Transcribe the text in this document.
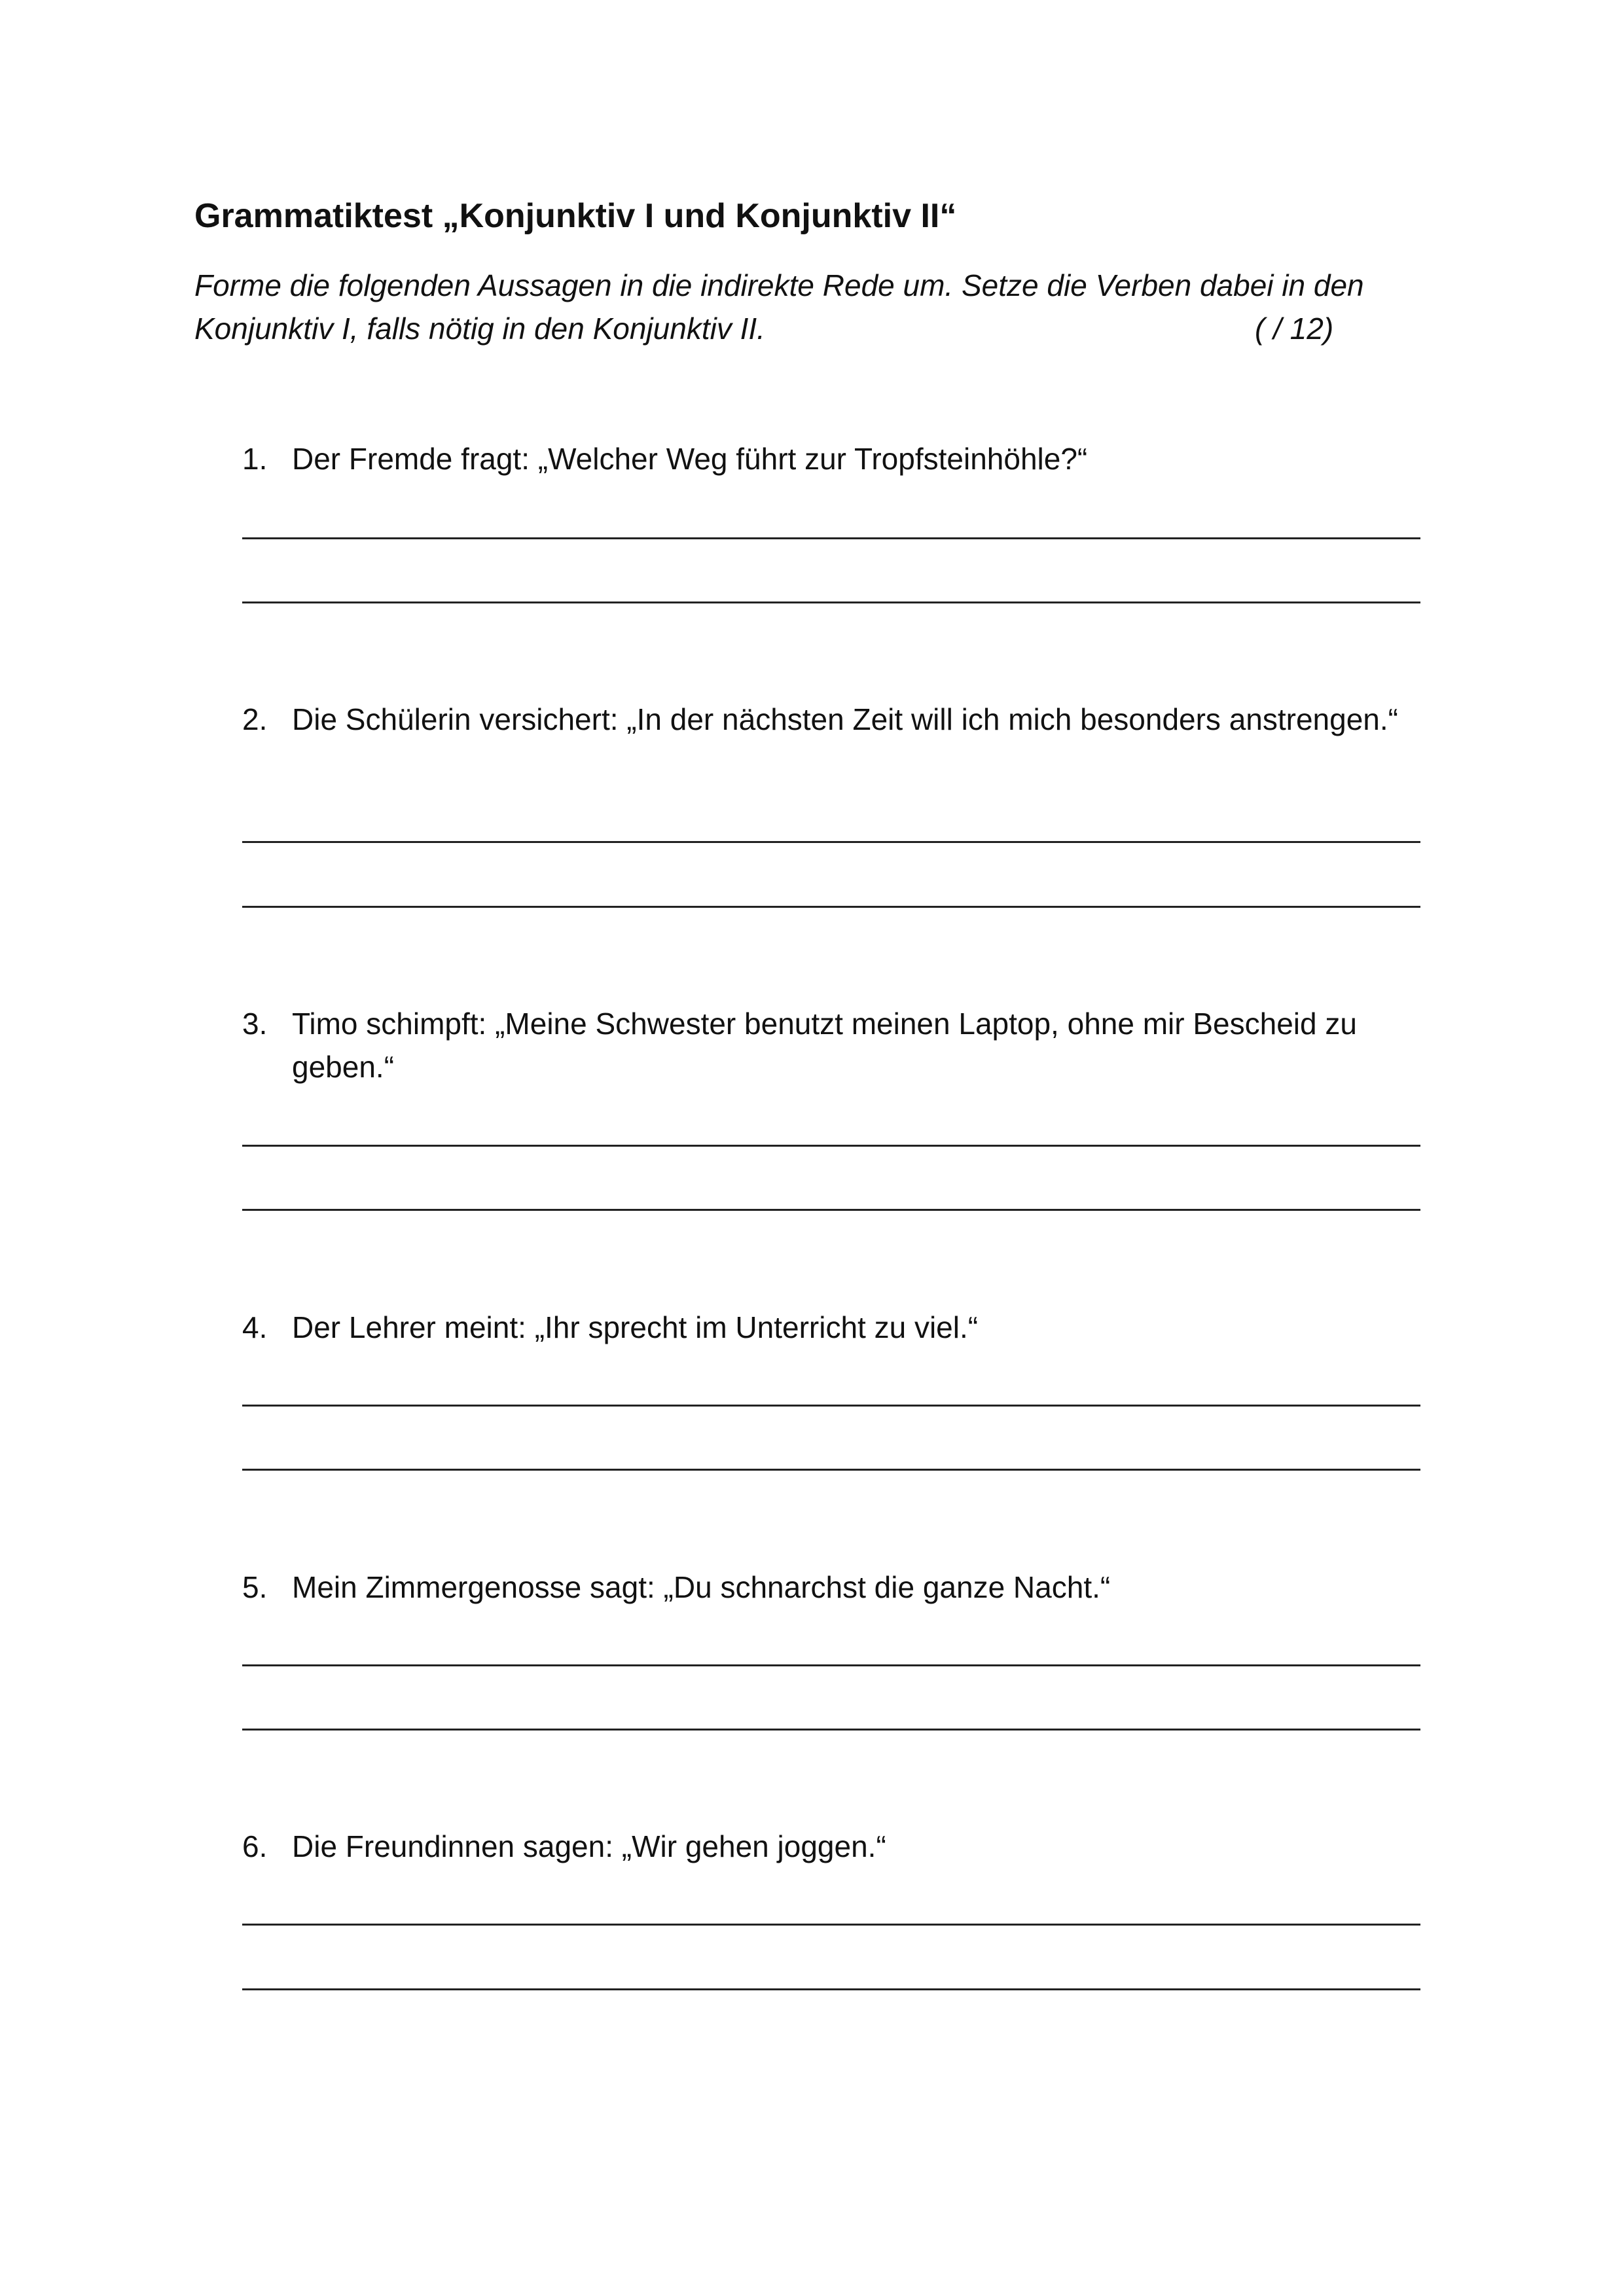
Grammatiktest „Konjunktiv I und Konjunktiv II“
Forme die folgenden Aussagen in die indirekte Rede um. Setze die Verben dabei in den
Konjunktiv I, falls nötig in den Konjunktiv II.	( / 12)
1. Der Fremde fragt: „Welcher Weg führt zur Tropfsteinhöhle?“
2. Die Schülerin versichert: „In der nächsten Zeit will ich mich besonders anstrengen.“
3. Timo schimpft: „Meine Schwester benutzt meinen Laptop, ohne mir Bescheid zu geben.“
4. Der Lehrer meint: „Ihr sprecht im Unterricht zu viel.“
5. Mein Zimmergenosse sagt: „Du schnarchst die ganze Nacht.“
6. Die Freundinnen sagen: „Wir gehen joggen.“
